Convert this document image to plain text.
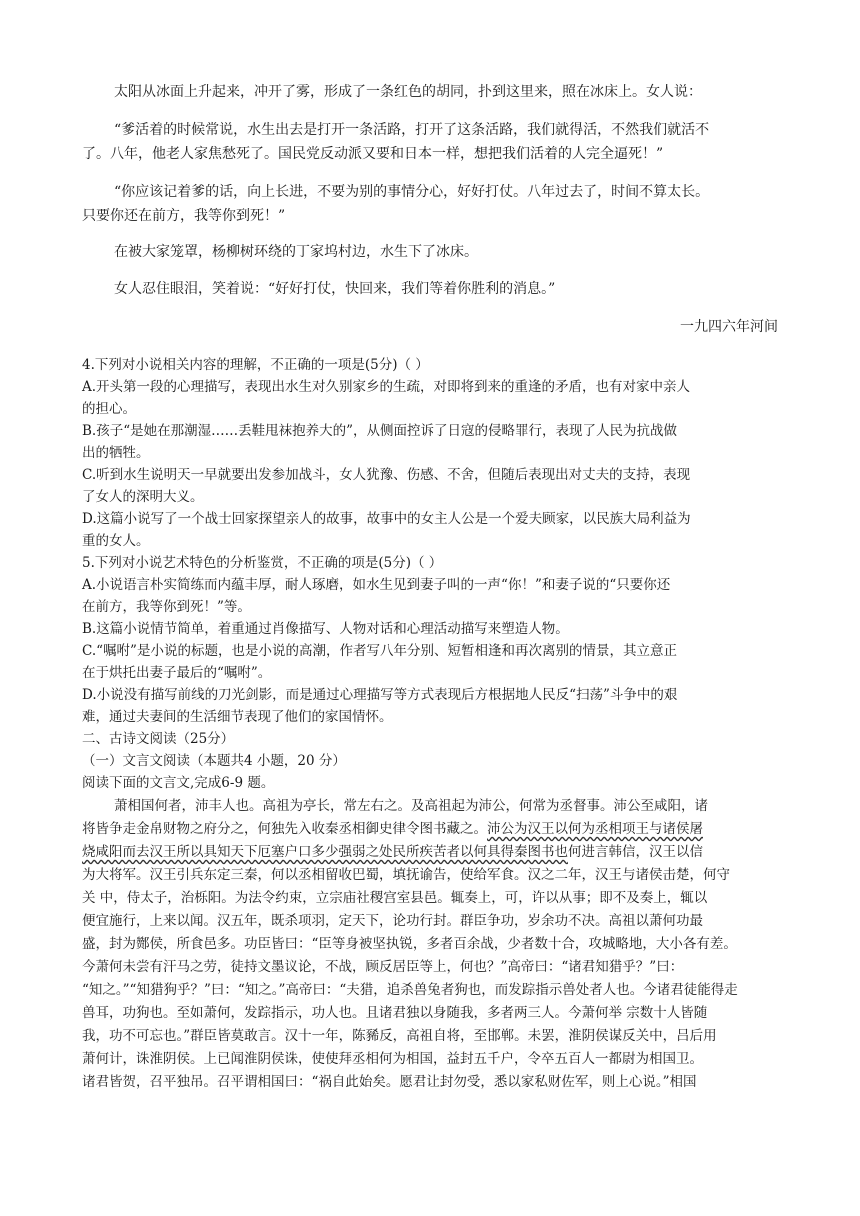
太阳从冰面上升起来，冲开了雾，形成了一条红色的胡同，扑到这里来，照在冰床上。女人说：

“爹活着的时候常说，水生出去是打开一条活路，打开了这条活路，我们就得活，不然我们就活不

了。八年，他老人家焦愁死了。国民党反动派又要和日本一样，想把我们活着的人完全逼死！”

“你应该记着爹的话，向上长进，不要为别的事情分心，好好打仗。八年过去了，时间不算太长。

只要你还在前方，我等你到死！”

在被大家笼罩，杨柳树环绕的丁家坞村边，水生下了冰床。

女人忍住眼泪，笑着说：“好好打仗，快回来，我们等着你胜利的消息。”

一九四六年河间

4.下列对小说相关内容的理解，不正确的一项是(5分)（ ）

A.开头第一段的心理描写，表现出水生对久别家乡的生疏，对即将到来的重逢的矛盾，也有对家中亲人

的担心。

B.孩子“是她在那潮湿……丢鞋甩袜抱养大的”，从侧面控诉了日寇的侵略罪行，表现了人民为抗战做

出的牺牲。

C.听到水生说明天一早就要出发参加战斗，女人犹豫、伤感、不舍，但随后表现出对丈夫的支持，表现

了女人的深明大义。

D.这篇小说写了一个战士回家探望亲人的故事，故事中的女主人公是一个爱夫顾家，以民族大局利益为

重的女人。

5.下列对小说艺术特色的分析鉴赏，不正确的项是(5分)（ ）

A.小说语言朴实简练而内蕴丰厚，耐人琢磨，如水生见到妻子叫的一声“你！”和妻子说的“只要你还

在前方，我等你到死！”等。

B.这篇小说情节简单，着重通过肖像描写、人物对话和心理活动描写来塑造人物。

C.“嘱咐”是小说的标题，也是小说的高潮，作者写八年分别、短暂相逢和再次离别的情景，其立意正

在于烘托出妻子最后的“嘱咐”。

D.小说没有描写前线的刀光剑影，而是通过心理描写等方式表现后方根据地人民反“扫荡”斗争中的艰

难，通过夫妻间的生活细节表现了他们的家国情怀。

二、古诗文阅读（25分）

（一）文言文阅读（本题共4 小题，20 分）

阅读下面的文言文,完成6-9 题。

萧相国何者，沛丰人也。高祖为亭长，常左右之。及高祖起为沛公，何常为丞督事。沛公至咸阳，诸

将皆争走金帛财物之府分之，何独先入收秦丞相御史律令图书藏之。沛公为汉王以何为丞相项王与诸侯屠

烧咸阳而去汉王所以具知天下厄塞户口多少强弱之处民所疾苦者以何具得秦图书也何进言韩信，汉王以信

为大将军。汉王引兵东定三秦，何以丞相留收巴蜀，填抚谕告，使给军食。汉之二年，汉王与诸侯击楚，何守

关 中，侍太子，治栎阳。为法令约束，立宗庙社稷宫室县邑。辄奏上，可，许以从事；即不及奏上，辄以

便宜施行，上来以闻。汉五年，既杀项羽，定天下，论功行封。群臣争功，岁余功不决。高祖以萧何功最

盛，封为酂侯，所食邑多。功臣皆曰：“臣等身被坚执锐，多者百余战，少者数十合，攻城略地，大小各有差。

今萧何未尝有汗马之劳，徒持文墨议论，不战，顾反居臣等上，何也？”高帝曰：“诸君知猎乎？”曰：

“知之。”“知猎狗乎？”曰：“知之。”高帝曰：“夫猎，追杀兽兔者狗也，而发踪指示兽处者人也。今诸君徒能得走

兽耳，功狗也。至如萧何，发踪指示，功人也。且诸君独以身随我，多者两三人。今萧何举 宗数十人皆随

我，功不可忘也。”群臣皆莫敢言。汉十一年，陈豨反，高祖自将，至邯郸。未罢，淮阴侯谋反关中，吕后用

萧何计，诛淮阴侯。上已闻淮阴侯诛，使使拜丞相何为相国，益封五千户，令卒五百人一都尉为相国卫。

诸君皆贺，召平独吊。召平谓相国曰：“祸自此始矣。愿君让封勿受，悉以家私财佐军，则上心说。”相国
